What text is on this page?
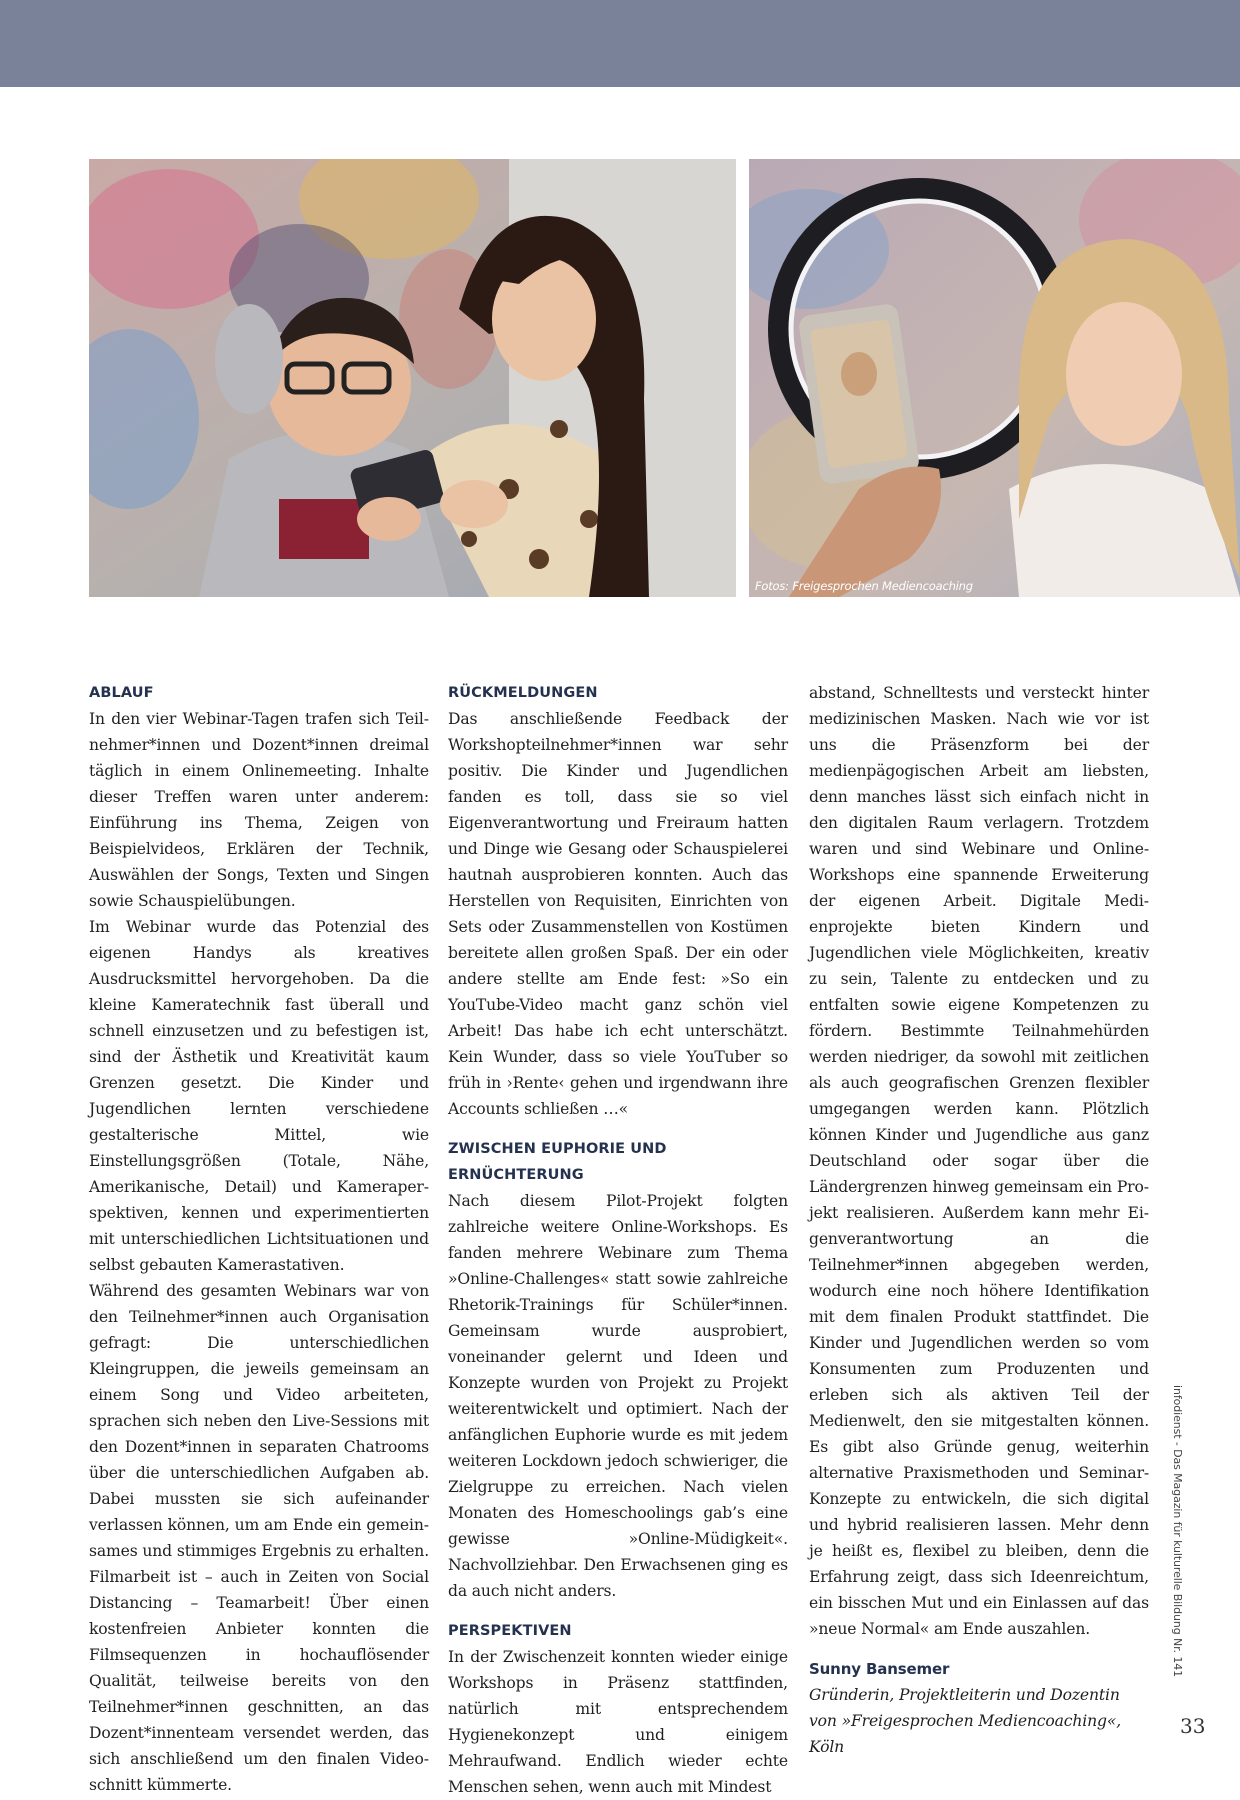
Fotos: Freigesprochen Mediencoaching
ABLAUF

In den vier Webinar-Tagen trafen sich Teilnehmer*innen und Dozent*innen dreimal täglich in einem Onlinemeeting. Inhalte dieser Treffen waren unter anderem: Einführung ins Thema, Zeigen von Beispielvideos, Erklären der Technik, Auswählen der Songs, Texten und Singen sowie Schauspielübungen.

Im Webinar wurde das Potenzial des eigenen Handys als kreatives Ausdrucksmittel hervorgehoben. Da die kleine Kameratechnik fast überall und schnell einzusetzen und zu befestigen ist, sind der Ästhetik und Kreativität kaum Grenzen gesetzt. Die Kinder und Jugendlichen lernten verschiedene gestalterische Mittel, wie Einstellungsgrößen (Totale, Nähe, Amerikanische, Detail) und Kameraperspektiven, kennen und experimentierten mit unterschiedlichen Lichtsituationen und selbst gebauten Kamerastativen.

Während des gesamten Webinars war von den Teilnehmer*innen auch Organisation gefragt: Die unterschiedlichen Kleingruppen, die jeweils gemeinsam an einem Song und Video arbeiteten, sprachen sich neben den Live-Sessions mit den Dozent*innen in separaten Chatrooms über die unterschiedlichen Aufgaben ab. Dabei mussten sie sich aufeinander verlassen können, um am Ende ein gemeinsames und stimmiges Ergebnis zu erhalten. Filmarbeit ist – auch in Zeiten von Social Distancing – Teamarbeit! Über einen kostenfreien Anbieter konnten die Filmsequenzen in hochauflösender Qualität, teilweise bereits von den Teilnehmer*innen geschnitten, an das Dozent*innenteam versendet werden, das sich anschließend um den finalen Videoschnitt kümmerte.

RÜCKMELDUNGEN

Das anschließende Feedback der Workshopteilnehmer*innen war sehr positiv. Die Kinder und Jugendlichen fanden es toll, dass sie so viel Eigenverantwortung und Freiraum hatten und Dinge wie Gesang oder Schauspielerei hautnah ausprobieren konnten. Auch das Herstellen von Requisiten, Einrichten von Sets oder Zusammenstellen von Kostümen bereitete allen großen Spaß. Der ein oder andere stellte am Ende fest: »So ein YouTube-Video macht ganz schön viel Arbeit! Das habe ich echt unterschätzt. Kein Wunder, dass so viele YouTuber so früh in ›Rente‹ gehen und irgendwann ihre Accounts schließen …«

ZWISCHEN EUPHORIE UND ERNÜCHTERUNG

Nach diesem Pilot-Projekt folgten zahlreiche weitere Online-Workshops. Es fanden mehrere Webinare zum Thema »Online-Challenges« statt sowie zahlreiche Rhetorik-Trainings für Schüler*innen. Gemeinsam wurde ausprobiert, voneinander gelernt und Ideen und Konzepte wurden von Projekt zu Projekt weiterentwickelt und optimiert. Nach der anfänglichen Euphorie wurde es mit jedem weiteren Lockdown jedoch schwieriger, die Zielgruppe zu erreichen. Nach vielen Monaten des Homeschoolings gab’s eine gewisse »Online-Müdigkeit«. Nachvollziehbar. Den Erwachsenen ging es da auch nicht anders.

PERSPEKTIVEN

In der Zwischenzeit konnten wieder einige Workshops in Präsenz stattfinden, natürlich mit entsprechendem Hygienekonzept und einigem Mehraufwand. Endlich wieder echte Menschen sehen, wenn auch mit Mindest

abstand, Schnelltests und versteckt hinter medizinischen Masken. Nach wie vor ist uns die Präsenzform bei der medienpägogischen Arbeit am liebsten, denn manches lässt sich einfach nicht in den digitalen Raum verlagern. Trotzdem waren und sind Webinare und Online-Workshops eine spannende Erweiterung der eigenen Arbeit. Digitale Medienprojekte bieten Kindern und Jugendlichen viele Möglichkeiten, kreativ zu sein, Talente zu entdecken und zu entfalten sowie eigene Kompetenzen zu fördern. Bestimmte Teilnahmehürden werden niedriger, da sowohl mit zeitlichen als auch geografischen Grenzen flexibler umgegangen werden kann. Plötzlich können Kinder und Jugendliche aus ganz Deutschland oder sogar über die Ländergrenzen hinweg gemeinsam ein Projekt realisieren. Außerdem kann mehr Eigenverantwortung an die Teilnehmer*innen abgegeben werden, wodurch eine noch höhere Identifikation mit dem finalen Produkt stattfindet. Die Kinder und Jugendlichen werden so vom Konsumenten zum Produzenten und erleben sich als aktiven Teil der Medienwelt, den sie mitgestalten können. Es gibt also Gründe genug, weiterhin alternative Praxismethoden und Seminar-Konzepte zu entwickeln, die sich digital und hybrid realisieren lassen. Mehr denn je heißt es, flexibel zu bleiben, denn die Erfahrung zeigt, dass sich Ideenreichtum, ein bisschen Mut und ein Einlassen auf das »neue Normal« am Ende auszahlen.

Sunny Bansemer
Gründerin, Projektleiterin und Dozentin von »Freigesprochen Mediencoaching«, Köln
infodienst - Das Magazin für kulturelle Bildung Nr. 141
33
